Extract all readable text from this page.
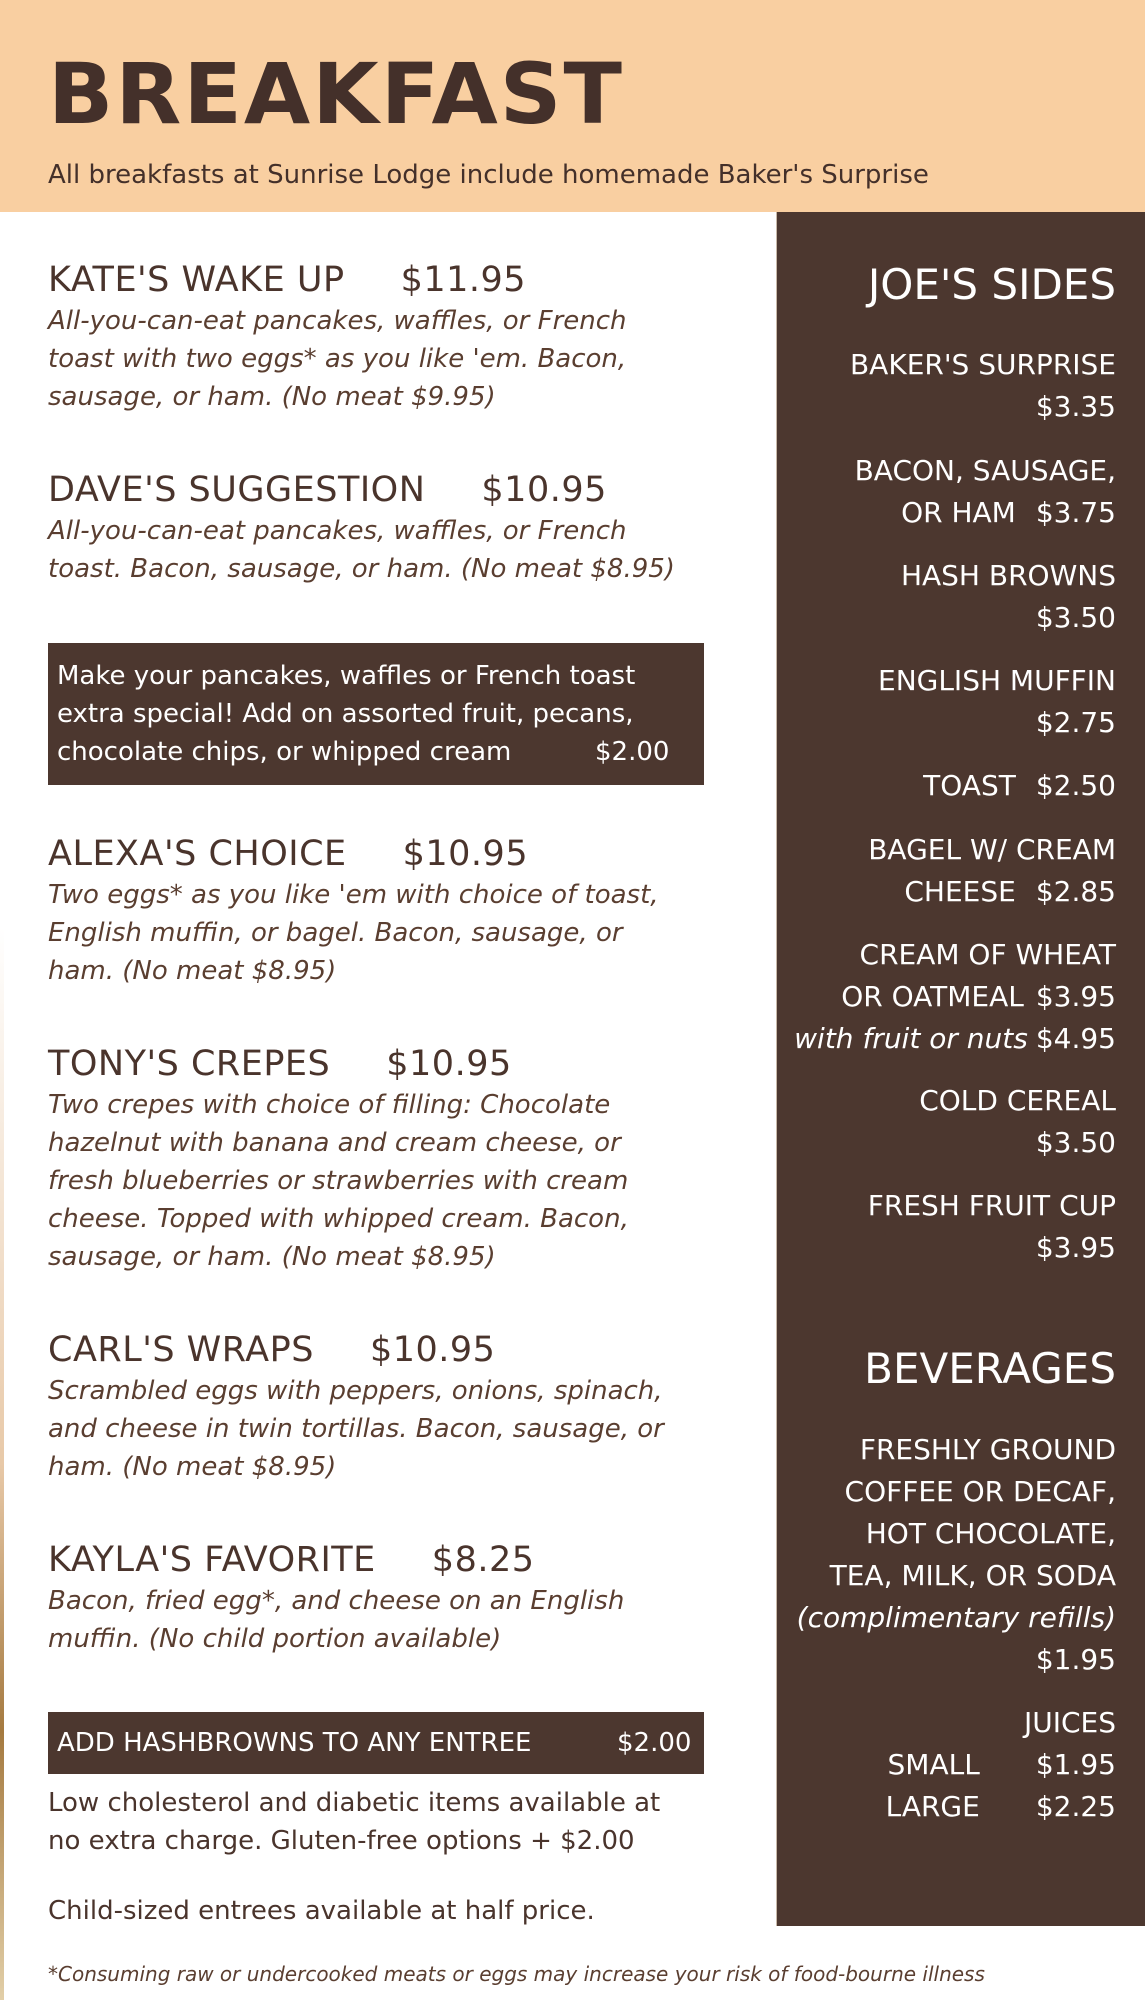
BREAKFAST
All breakfasts at Sunrise Lodge include homemade Baker's Surprise
KATE'S WAKE UP $11.95
All-you-can-eat pancakes, waffles, or French
toast with two eggs* as you like 'em. Bacon,
sausage, or ham. (No meat $9.95)
DAVE'S SUGGESTION $10.95
All-you-can-eat pancakes, waffles, or French
toast. Bacon, sausage, or ham. (No meat $8.95)
Make your pancakes, waffles or French toast
extra special! Add on assorted fruit, pecans,
chocolate chips, or whipped cream	$2.00
ALEXA'S CHOICE $10.95
Two eggs* as you like 'em with choice of toast,
English muffin, or bagel. Bacon, sausage, or
ham. (No meat $8.95)
TONY'S CREPES $10.95
Two crepes with choice of filling: Chocolate
hazelnut with banana and cream cheese, or
fresh blueberries or strawberries with cream
cheese. Topped with whipped cream. Bacon,
sausage, or ham. (No meat $8.95)
CARL'S WRAPS $10.95
Scrambled eggs with peppers, onions, spinach,
and cheese in twin tortillas. Bacon, sausage, or
ham. (No meat $8.95)
KAYLA'S FAVORITE $8.25
Bacon, fried egg*, and cheese on an English
muffin. (No child portion available)
ADD HASHBROWNS TO ANY ENTREE	$2.00
Low cholesterol and diabetic items available at
no extra charge. Gluten-free options + $2.00
Child-sized entrees available at half price.
*Consuming raw or undercooked meats or eggs may increase your risk of food-bourne illness
JOE'S SIDES
BAKER'S SURPRISE
$3.35
BACON, SAUSAGE,
OR HAM $3.75
HASH BROWNS
$3.50
ENGLISH MUFFIN
$2.75
TOAST $2.50
BAGEL W/ CREAM
CHEESE $2.85
CREAM OF WHEAT
OR OATMEAL $3.95
with fruit or nuts $4.95
COLD CEREAL
$3.50
FRESH FRUIT CUP
$3.95
BEVERAGES
FRESHLY GROUND
COFFEE OR DECAF,
HOT CHOCOLATE,
TEA, MILK, OR SODA
(complimentary refills)
$1.95
JUICES
SMALL $1.95
LARGE $2.25
